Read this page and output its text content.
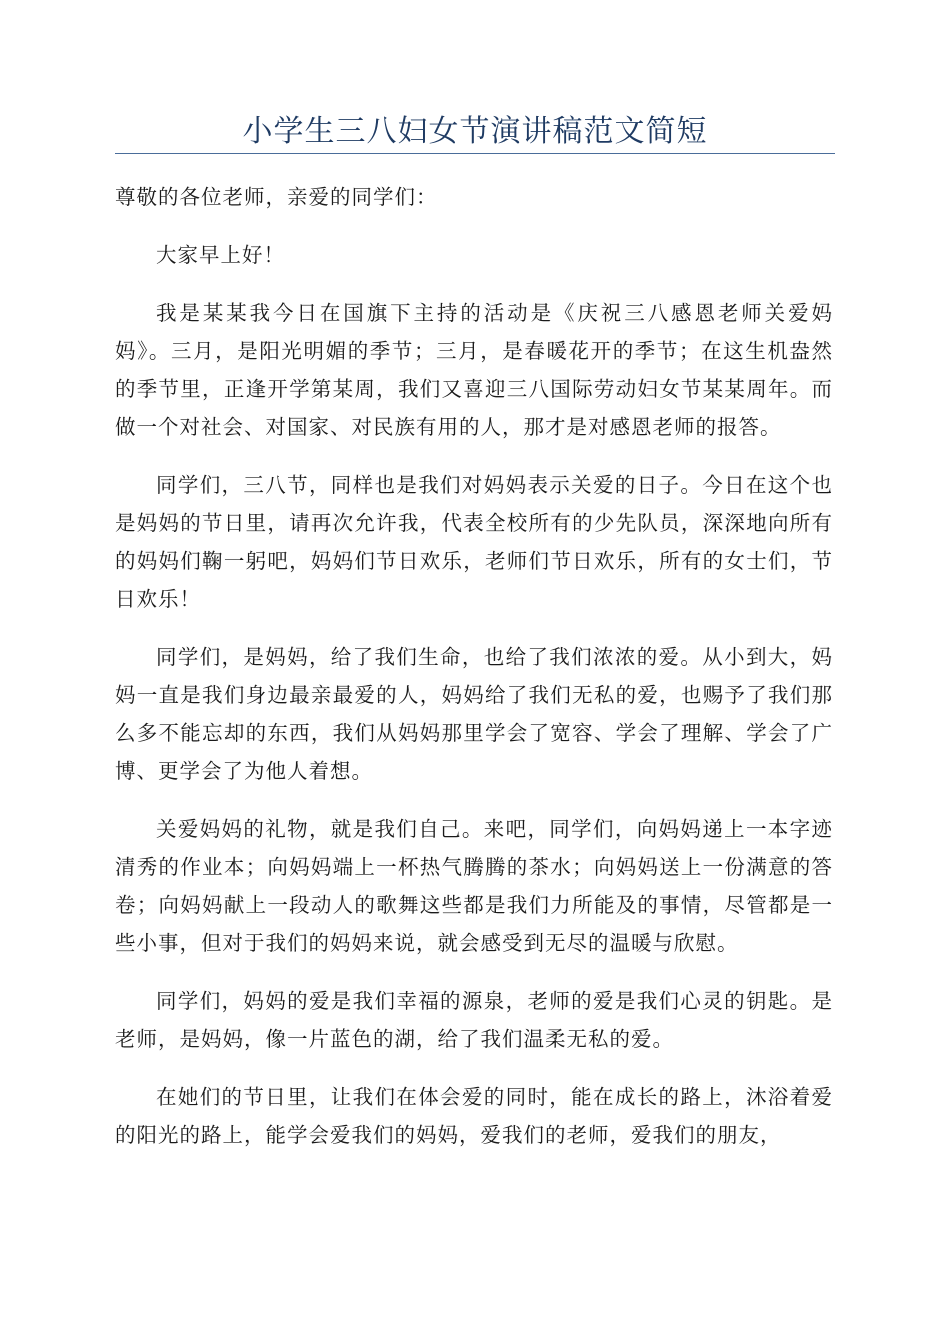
小学生三八妇女节演讲稿范文简短

尊敬的各位老师，亲爱的同学们：

大家早上好！

我是某某我今日在国旗下主持的活动是《庆祝三八感恩老师关爱妈妈》。三月，是阳光明媚的季节；三月，是春暖花开的季节；在这生机盎然的季节里，正逢开学第某周，我们又喜迎三八国际劳动妇女节某某周年。而做一个对社会、对国家、对民族有用的人，那才是对感恩老师的报答。

同学们，三八节，同样也是我们对妈妈表示关爱的日子。今日在这个也是妈妈的节日里，请再次允许我，代表全校所有的少先队员，深深地向所有的妈妈们鞠一躬吧，妈妈们节日欢乐，老师们节日欢乐，所有的女士们，节日欢乐！

同学们，是妈妈，给了我们生命，也给了我们浓浓的爱。从小到大，妈妈一直是我们身边最亲最爱的人，妈妈给了我们无私的爱，也赐予了我们那么多不能忘却的东西，我们从妈妈那里学会了宽容、学会了理解、学会了广博、更学会了为他人着想。

关爱妈妈的礼物，就是我们自己。来吧，同学们，向妈妈递上一本字迹清秀的作业本；向妈妈端上一杯热气腾腾的茶水；向妈妈送上一份满意的答卷；向妈妈献上一段动人的歌舞这些都是我们力所能及的事情，尽管都是一些小事，但对于我们的妈妈来说，就会感受到无尽的温暖与欣慰。

同学们，妈妈的爱是我们幸福的源泉，老师的爱是我们心灵的钥匙。是老师，是妈妈，像一片蓝色的湖，给了我们温柔无私的爱。

在她们的节日里，让我们在体会爱的同时，能在成长的路上，沐浴着爱的阳光的路上，能学会爱我们的妈妈，爱我们的老师，爱我们的朋友，
